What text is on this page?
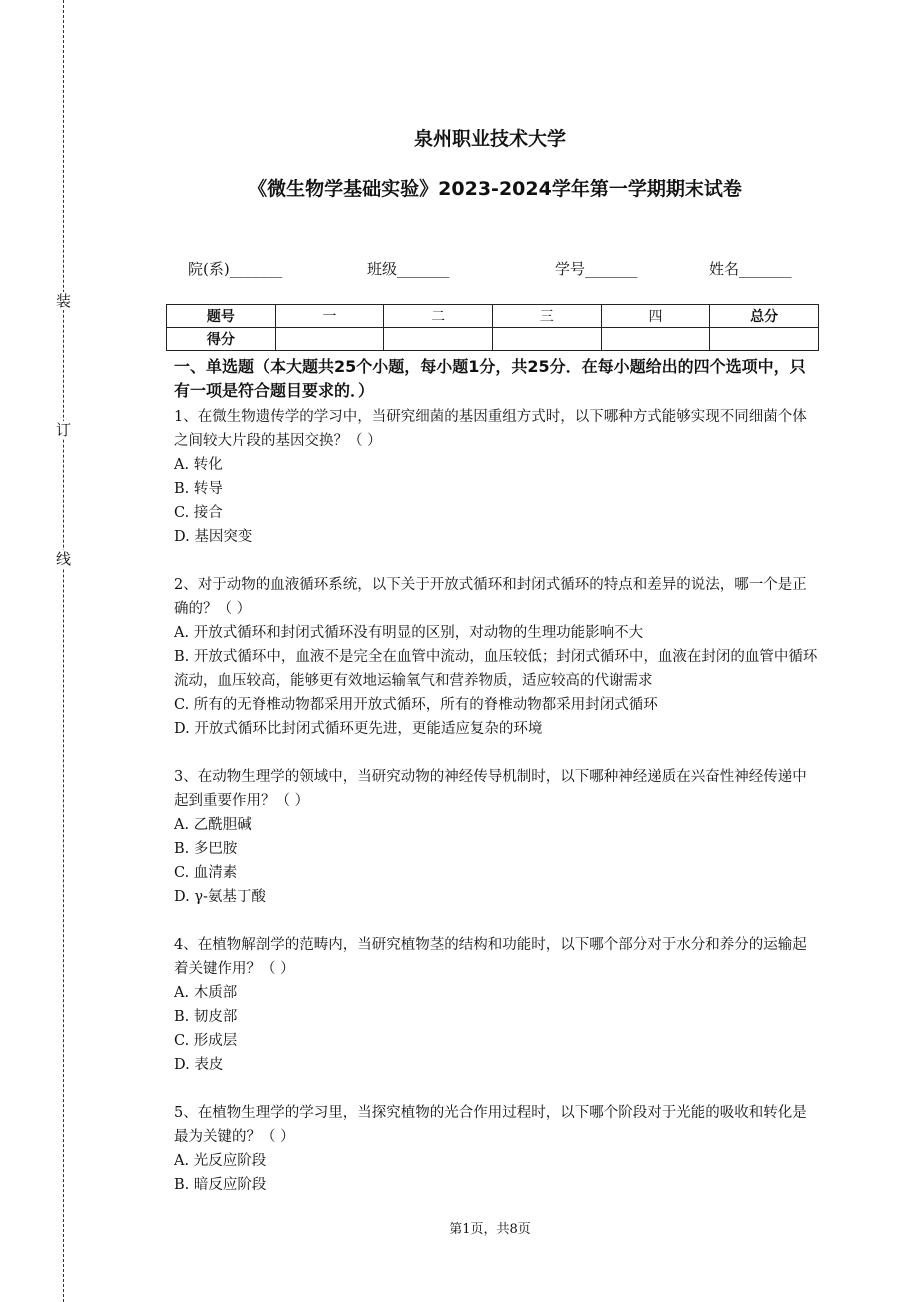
装
订
线
泉州职业技术大学
《微生物学基础实验》2023-2024学年第一学期期末试卷
院(系)_______	班级_______	学号_______	姓名_______
题号	一	二	三	四	总分
得分					
一、单选题（本大题共25个小题，每小题1分，共25分．在每小题给出的四个选项中，只有一项是符合题目要求的．）

1、在微生物遗传学的学习中，当研究细菌的基因重组方式时，以下哪种方式能够实现不同细菌个体之间较大片段的基因交换？（ ）

A. 转化

B. 转导

C. 接合

D. 基因突变

2、对于动物的血液循环系统，以下关于开放式循环和封闭式循环的特点和差异的说法，哪一个是正确的？（ ）

A. 开放式循环和封闭式循环没有明显的区别，对动物的生理功能影响不大

B. 开放式循环中，血液不是完全在血管中流动，血压较低；封闭式循环中，血液在封闭的血管中循环流动，血压较高，能够更有效地运输氧气和营养物质，适应较高的代谢需求

C. 所有的无脊椎动物都采用开放式循环，所有的脊椎动物都采用封闭式循环

D. 开放式循环比封闭式循环更先进，更能适应复杂的环境

3、在动物生理学的领域中，当研究动物的神经传导机制时，以下哪种神经递质在兴奋性神经传递中起到重要作用？（ ）

A. 乙酰胆碱

B. 多巴胺

C. 血清素

D. γ-氨基丁酸

4、在植物解剖学的范畴内，当研究植物茎的结构和功能时，以下哪个部分对于水分和养分的运输起着关键作用？（ ）

A. 木质部

B. 韧皮部

C. 形成层

D. 表皮

5、在植物生理学的学习里，当探究植物的光合作用过程时，以下哪个阶段对于光能的吸收和转化是最为关键的？（ ）

A. 光反应阶段

B. 暗反应阶段

第1页，共8页
